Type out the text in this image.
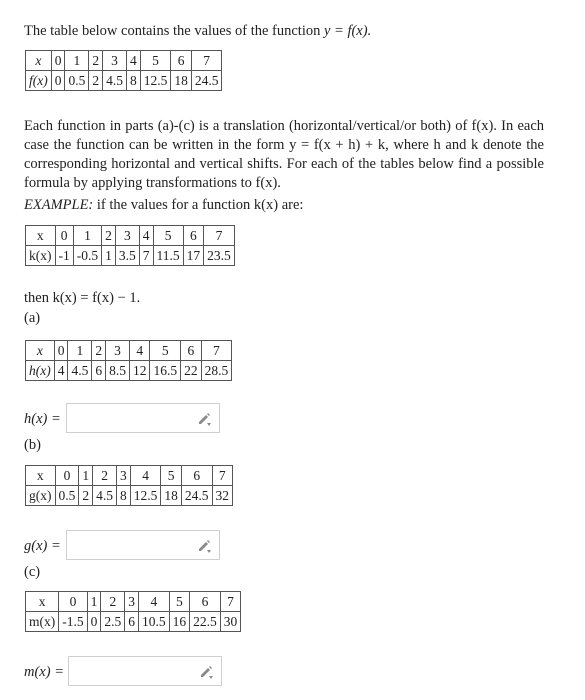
The table below contains the values of the function y = f(x).
x	0	1	2	3	4	5	6	7
f(x)	0	0.5	2	4.5	8	12.5	18	24.5
Each function in parts (a)-(c) is a translation (horizontal/vertical/or both) of f(x). In each case the function can be written in the form y = f(x + h) + k, where h and k denote the corresponding horizontal and vertical shifts. For each of the tables below find a possible formula by applying transformations to f(x).
EXAMPLE: if the values for a function k(x) are:
x	0	1	2	3	4	5	6	7
k(x)	-1	-0.5	1	3.5	7	11.5	17	23.5
then k(x) = f(x) − 1.
(a)
x	0	1	2	3	4	5	6	7
h(x)	4	4.5	6	8.5	12	16.5	22	28.5
h(x) =
(b)
x	0	1	2	3	4	5	6	7
g(x)	0.5	2	4.5	8	12.5	18	24.5	32
g(x) =
(c)
x	0	1	2	3	4	5	6	7
m(x)	-1.5	0	2.5	6	10.5	16	22.5	30
m(x) =
